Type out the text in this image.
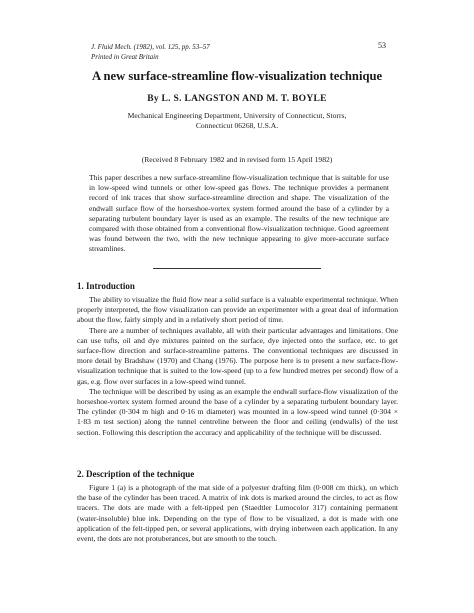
J. Fluid Mech. (1982), vol. 125, pp. 53–57
Printed in Great Britain
53
A new surface-streamline flow-visualization technique
By L. S. LANGSTON AND M. T. BOYLE
Mechanical Engineering Department, University of Connecticut, Storrs,
Connecticut 06268, U.S.A.
(Received 8 February 1982 and in revised form 15 April 1982)

This paper describes a new surface-streamline flow-visualization technique that is suitable for use in low-speed wind tunnels or other low-speed gas flows. The technique provides a permanent record of ink traces that show surface-streamline direction and shape. The visualization of the endwall surface flow of the horseshoe-vortex system formed around the base of a cylinder by a separating turbulent boundary layer is used as an example. The results of the new technique are compared with those obtained from a conventional flow-visualization technique. Good agreement was found between the two, with the new technique appearing to give more-accurate surface streamlines.

1. Introduction

The ability to visualize the fluid flow near a solid surface is a valuable experimental technique. When properly interpreted, the flow visualization can provide an experimenter with a great deal of information about the flow, fairly simply and in a relatively short period of time.

There are a number of techniques available, all with their particular advantages and limitations. One can use tufts, oil and dye mixtures painted on the surface, dye injected onto the surface, etc. to get surface-flow direction and surface-streamline patterns. The conventional techniques are discussed in more detail by Bradshaw (1970) and Chang (1976). The purpose here is to present a new surface-flow-visualization technique that is suited to the low-speed (up to a few hundred metres per second) flow of a gas, e.g. flow over surfaces in a low-speed wind tunnel.

The technique will be described by using as an example the endwall surface-flow visualization of the horseshoe-vortex system formed around the base of a cylinder by a separating turbulent boundary layer. The cylinder (0·304 m high and 0·16 m diameter) was mounted in a low-speed wind tunnel (0·304 × 1·83 m test section) along the tunnel centreline between the floor and ceiling (endwalls) of the test section. Following this description the accuracy and applicability of the technique will be discussed.

2. Description of the technique

Figure 1 (a) is a photograph of the mat side of a polyester drafting film (0·008 cm thick), on which the base of the cylinder has been traced. A matrix of ink dots is marked around the circles, to act as flow tracers. The dots are made with a felt-tipped pen (Staedtler Lumocolor 317) containing permanent (water-insoluble) blue ink. Depending on the type of flow to be visualized, a dot is made with one application of the felt-tipped pen, or several applications, with drying inbetween each application. In any event, the dots are not protuberances, but are smooth to the touch.
